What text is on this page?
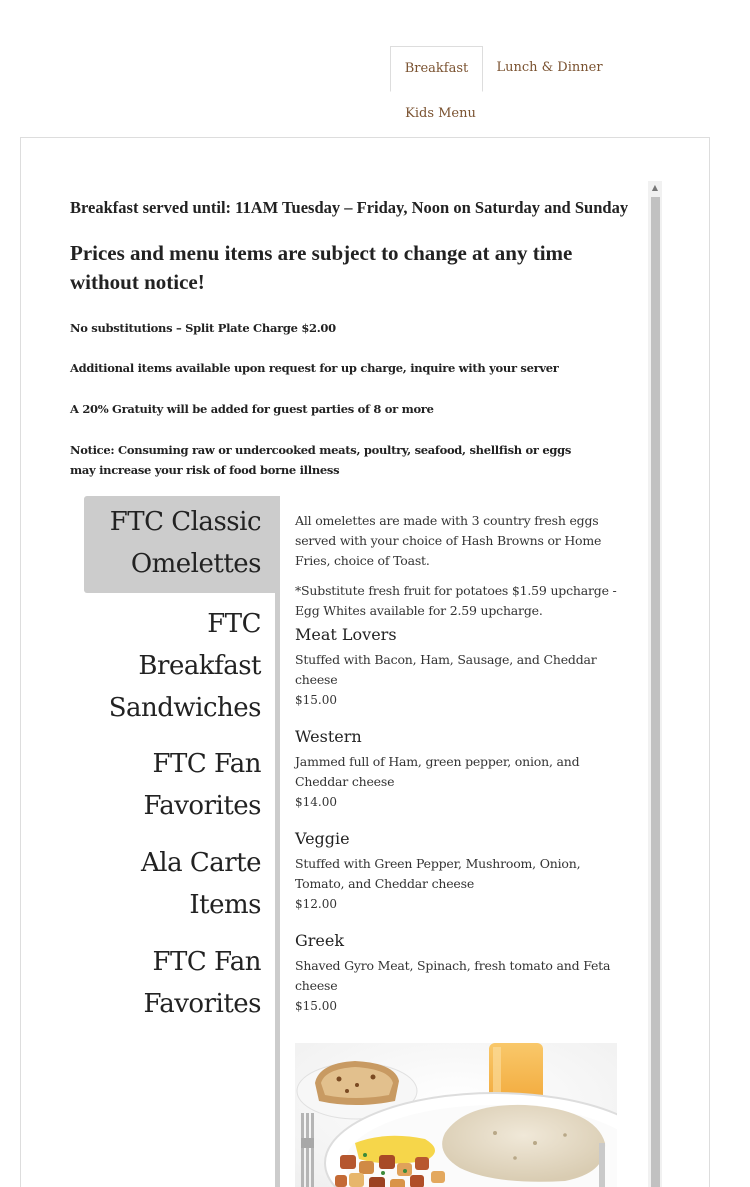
Breakfast	Lunch & Dinner
Kids Menu
Breakfast served until: 11AM Tuesday – Friday, Noon on Saturday and Sunday
Prices and menu items are subject to change at any time without notice!
No substitutions – Split Plate Charge $2.00
Additional items available upon request for up charge, inquire with your server
A 20% Gratuity will be added for guest parties of 8 or more
Notice: Consuming raw or undercooked meats, poultry, seafood, shellfish or eggs may increase your risk of food borne illness
FTC Classic Omelettes
FTC Breakfast Sandwiches
FTC Fan Favorites
Ala Carte Items
FTC Fan Favorites

All omelettes are made with 3 country fresh eggs served with your choice of Hash Browns or Home Fries, choice of Toast.

*Substitute fresh fruit for potatoes $1.59 upcharge - Egg Whites available for 2.59 upcharge.

Meat Lovers
Stuffed with Bacon, Ham, Sausage, and Cheddar cheese
$15.00
Western
Jammed full of Ham, green pepper, onion, and Cheddar cheese
$14.00
Veggie
Stuffed with Green Pepper, Mushroom, Onion, Tomato, and Cheddar cheese
$12.00
Greek
Shaved Gyro Meat, Spinach, fresh tomato and Feta cheese
$15.00
▲
